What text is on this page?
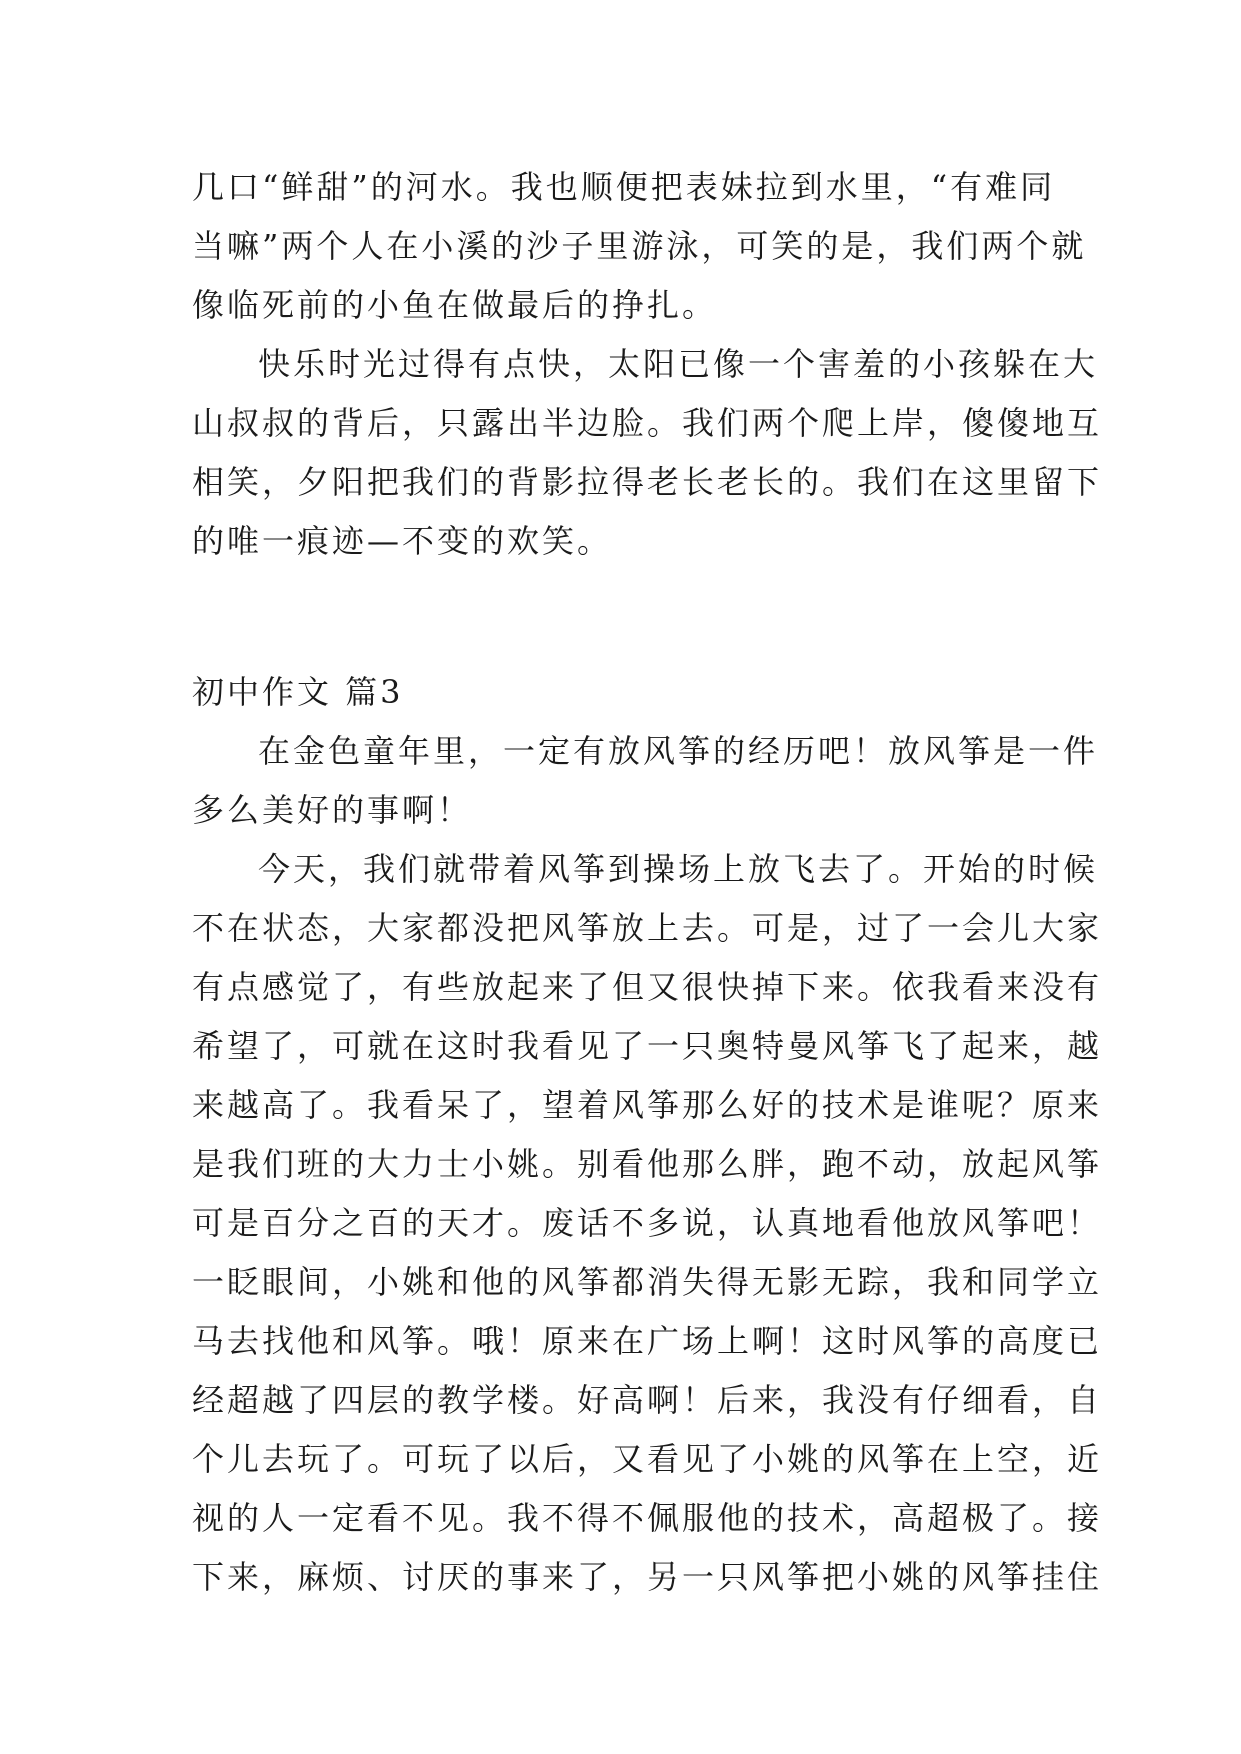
几口“鲜甜”的河水。我也顺便把表妹拉到水里，“有难同
当嘛”两个人在小溪的沙子里游泳，可笑的是，我们两个就
像临死前的小鱼在做最后的挣扎。
快乐时光过得有点快，太阳已像一个害羞的小孩躲在大
山叔叔的背后，只露出半边脸。我们两个爬上岸，傻傻地互
相笑，夕阳把我们的背影拉得老长老长的。我们在这里留下
的唯一痕迹—不变的欢笑。
初中作文 篇3
在金色童年里，一定有放风筝的经历吧！放风筝是一件
多么美好的事啊！
今天，我们就带着风筝到操场上放飞去了。开始的时候
不在状态，大家都没把风筝放上去。可是，过了一会儿大家
有点感觉了，有些放起来了但又很快掉下来。依我看来没有
希望了，可就在这时我看见了一只奥特曼风筝飞了起来，越
来越高了。我看呆了，望着风筝那么好的技术是谁呢？原来
是我们班的大力士小姚。别看他那么胖，跑不动，放起风筝
可是百分之百的天才。废话不多说，认真地看他放风筝吧！
一眨眼间，小姚和他的风筝都消失得无影无踪，我和同学立
马去找他和风筝。哦！原来在广场上啊！这时风筝的高度已
经超越了四层的教学楼。好高啊！后来，我没有仔细看，自
个儿去玩了。可玩了以后，又看见了小姚的风筝在上空，近
视的人一定看不见。我不得不佩服他的技术，高超极了。接
下来，麻烦、讨厌的事来了，另一只风筝把小姚的风筝挂住
